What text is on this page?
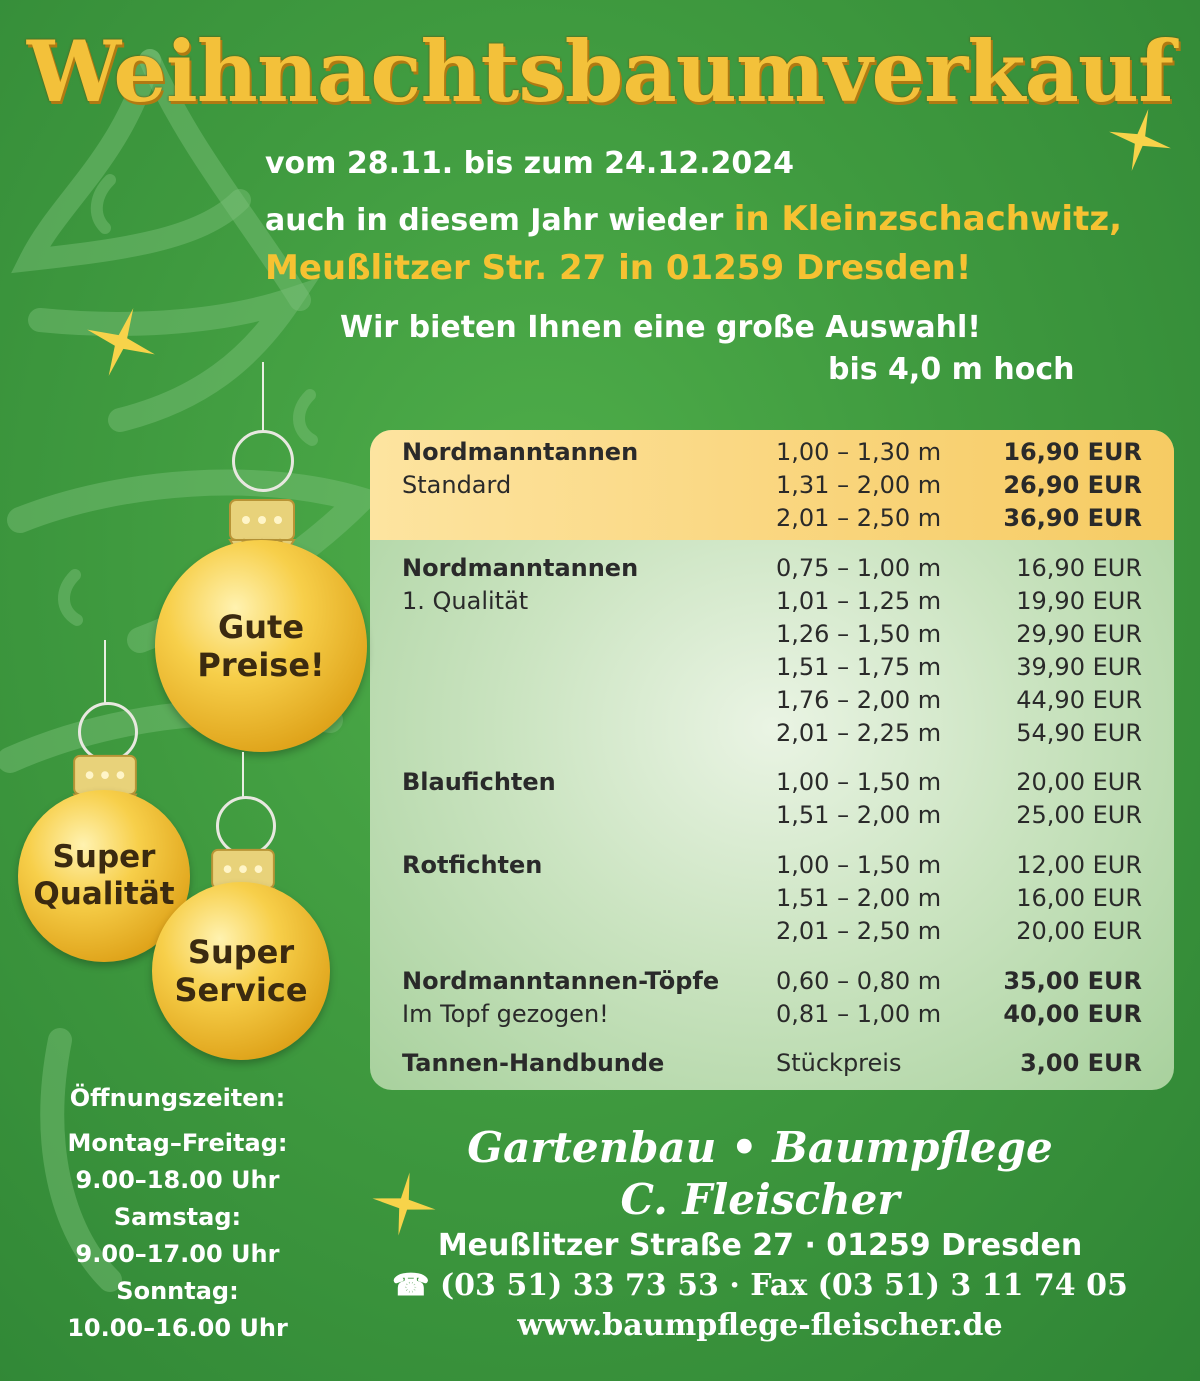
Weihnachtsbaumverkauf
vom 28.11. bis zum 24.12.2024
auch in diesem Jahr wieder in Kleinzschachwitz,
Meußlitzer Str. 27 in 01259 Dresden!
Wir bieten Ihnen eine große Auswahl!
bis 4,0 m hoch
Nordmanntannen	1,00 – 1,30 m	16,90 EUR
Standard	1,31 – 2,00 m	26,90 EUR
2,01 – 2,50 m	36,90 EUR
Nordmanntannen	0,75 – 1,00 m	16,90 EUR
1. Qualität	1,01 – 1,25 m	19,90 EUR
1,26 – 1,50 m	29,90 EUR
1,51 – 1,75 m	39,90 EUR
1,76 – 2,00 m	44,90 EUR
2,01 – 2,25 m	54,90 EUR
Blaufichten	1,00 – 1,50 m	20,00 EUR
1,51 – 2,00 m	25,00 EUR
Rotfichten	1,00 – 1,50 m	12,00 EUR
1,51 – 2,00 m	16,00 EUR
2,01 – 2,50 m	20,00 EUR
Nordmanntannen-Töpfe 0,60 – 0,80 m	35,00 EUR
Im Topf gezogen!	0,81 – 1,00 m	40,00 EUR
Tannen-Handbunde	Stückpreis	3,00 EUR
Gute
Preise!
Super
Qualität
Super
Service
Öffnungszeiten:
Montag–Freitag:
9.00–18.00 Uhr
Samstag:
9.00–17.00 Uhr
Sonntag:
10.00–16.00 Uhr
Gartenbau • Baumpflege
C. Fleischer
Meußlitzer Straße 27 · 01259 Dresden
☎ (03 51) 33 73 53 · Fax (03 51) 3 11 74 05
www.baumpflege-fleischer.de
